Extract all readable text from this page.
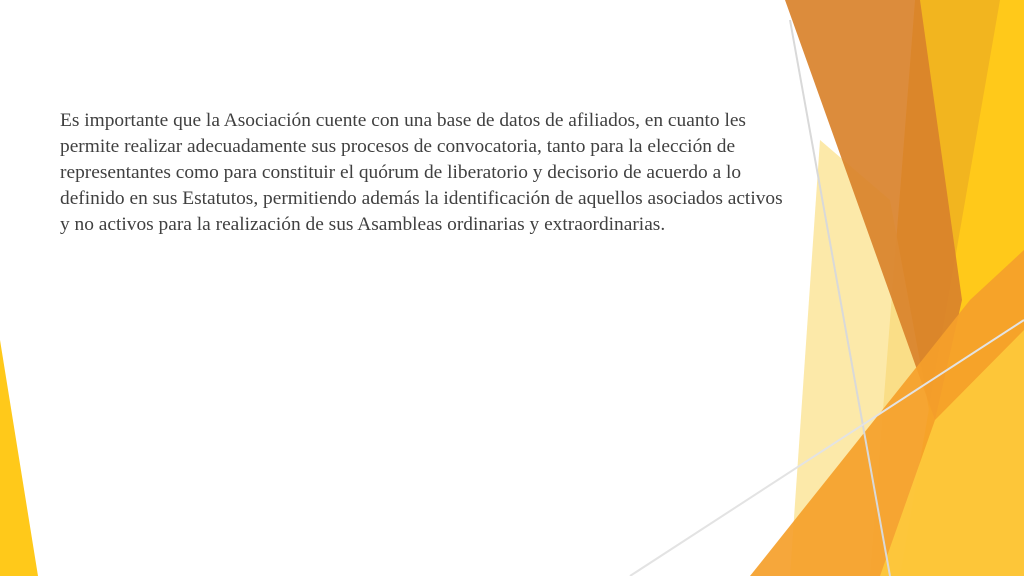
Es importante que la Asociación cuente con una base de datos de afiliados, en cuanto les permite realizar adecuadamente sus procesos de convocatoria, tanto para la elección de representantes como para constituir el quórum de liberatorio y decisorio de acuerdo a lo definido en sus Estatutos, permitiendo además la identificación de aquellos asociados activos y no activos para la realización de sus Asambleas ordinarias y extraordinarias.
